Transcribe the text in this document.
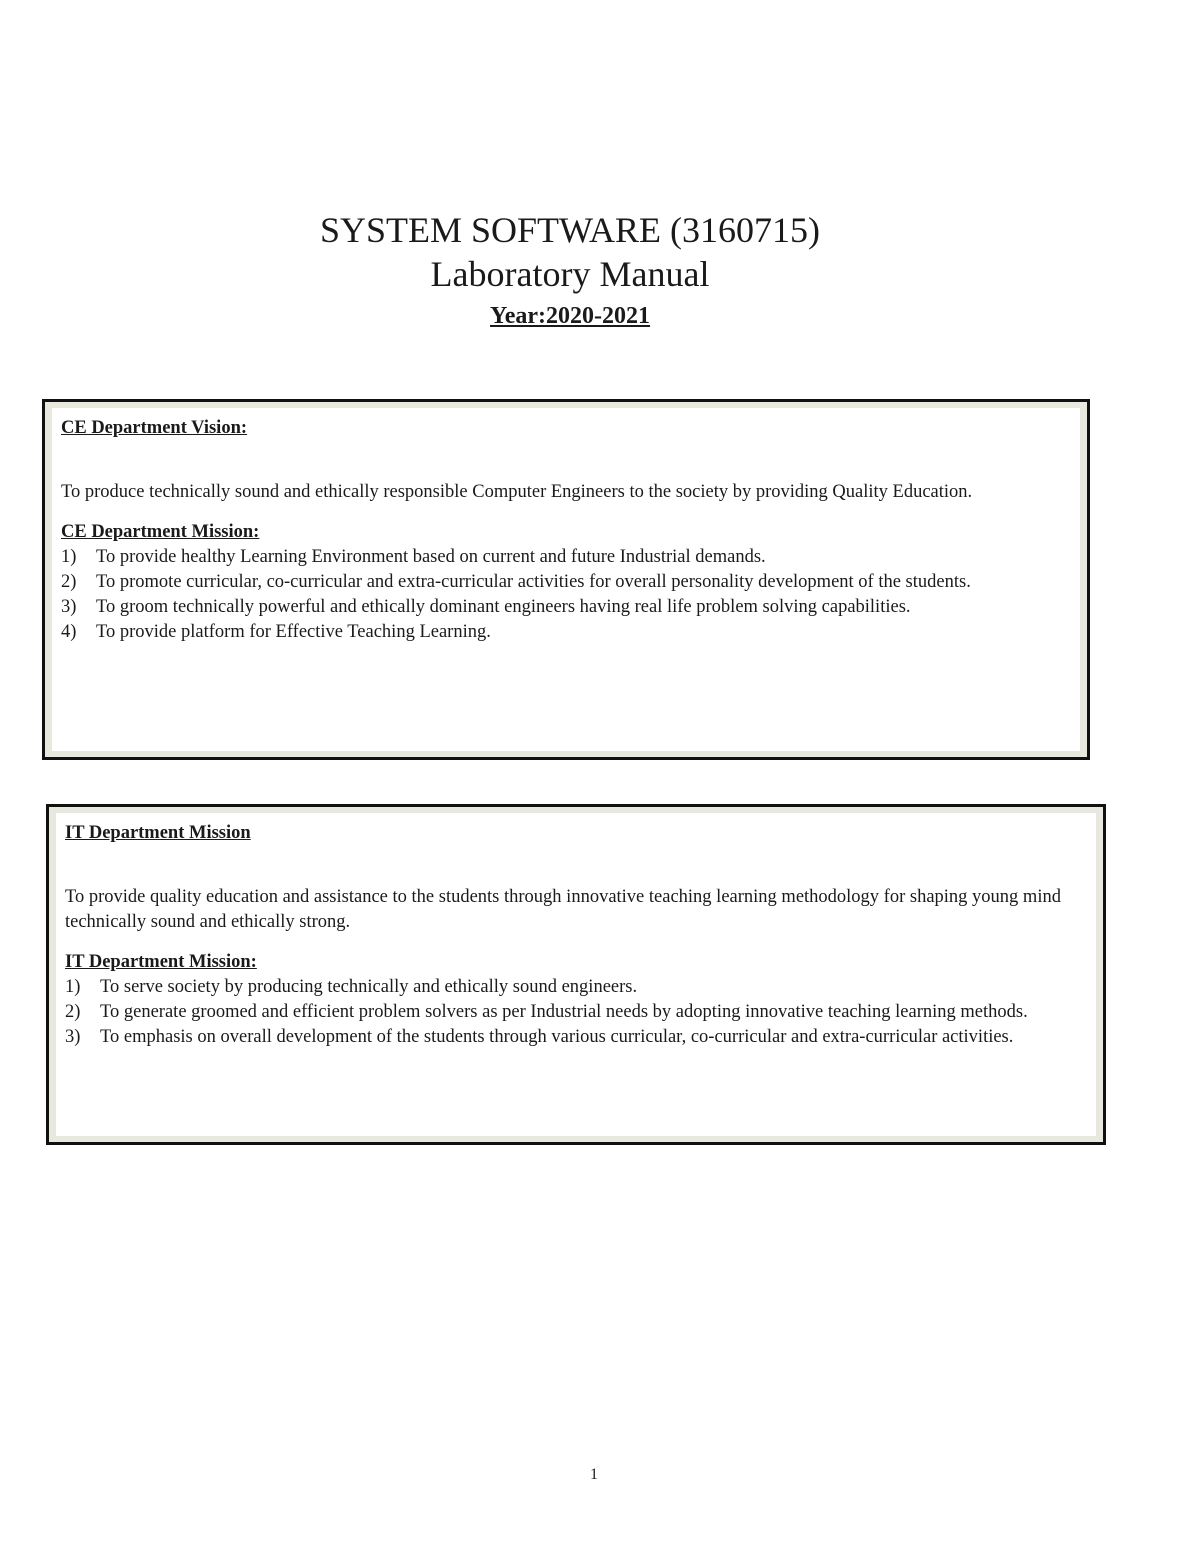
SYSTEM SOFTWARE (3160715)
Laboratory Manual
Year:2020-2021

CE Department Vision:

To produce technically sound and ethically responsible Computer Engineers to the society by providing Quality Education.

CE Department Mission:

1) To provide healthy Learning Environment based on current and future Industrial demands.
2) To promote curricular, co-curricular and extra-curricular activities for overall personality development of the students.
3) To groom technically powerful and ethically dominant engineers having real life problem solving capabilities.
4) To provide platform for Effective Teaching Learning.

IT Department Mission

To provide quality education and assistance to the students through innovative teaching learning methodology for shaping young mind technically sound and ethically strong.

IT Department Mission:

1) To serve society by producing technically and ethically sound engineers.
2) To generate groomed and efficient problem solvers as per Industrial needs by adopting innovative teaching learning methods.
3) To emphasis on overall development of the students through various curricular, co-curricular and extra-curricular activities.
1
